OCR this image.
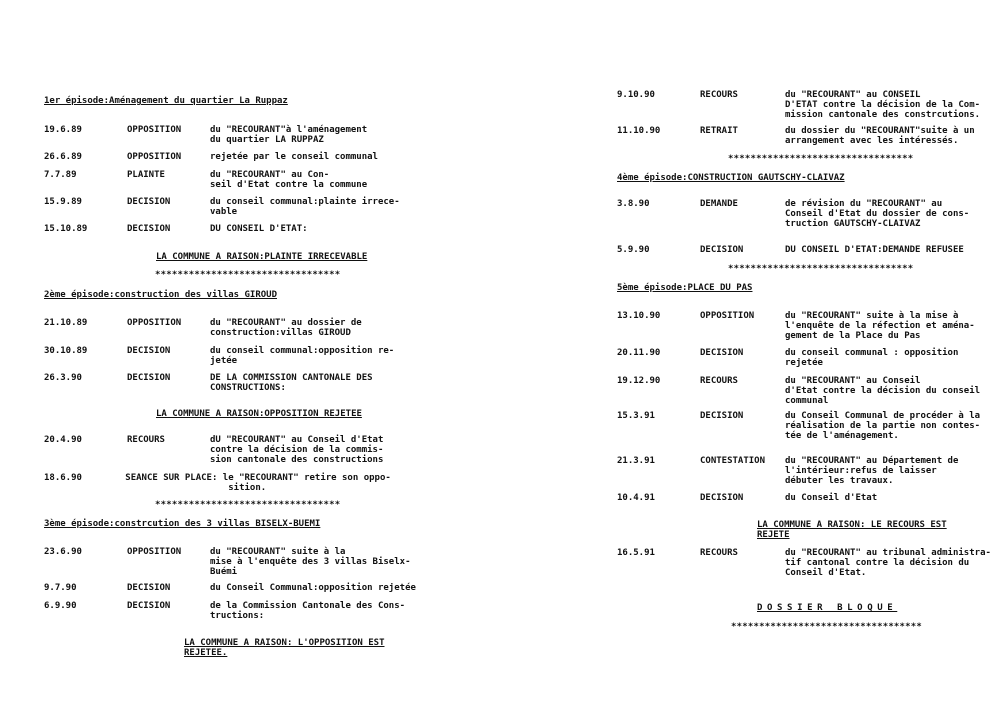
1er épisode:Aménagement du quartier La Ruppaz
19.6.89	OPPOSITION	du "RECOURANT"à l'aménagement
du quartier LA RUPPAZ
26.6.89	OPPOSITION	rejetée par le conseil communal
7.7.89	PLAINTE	du "RECOURANT" au Con-
seil d'Etat contre la commune
15.9.89	DECISION	du conseil communal:plainte irrece-
vable
15.10.89	DECISION	DU CONSEIL D'ETAT:
LA COMMUNE A RAISON:PLAINTE IRRECEVABLE
*********************************
2ème épisode:construction des villas GIROUD
21.10.89	OPPOSITION	du "RECOURANT" au dossier de
construction:villas GIROUD
30.10.89	DECISION	du conseil communal:opposition re-
jetée
26.3.90	DECISION	DE LA COMMISSION CANTONALE DES
CONSTRUCTIONS:
LA COMMUNE A RAISON:OPPOSITION REJETEE
20.4.90	RECOURS	dU "RECOURANT" au Conseil d'Etat
contre la décision de la commis-
sion cantonale des constructions
18.6.90        SEANCE SUR PLACE: le "RECOURANT" retire son oppo-
sition.
*********************************
3ème épisode:constrcution des 3 villas BISELX-BUEMI
23.6.90	OPPOSITION	du "RECOURANT" suite à la
mise à l'enquête des 3 villas Biselx-
Buémi
9.7.90	DECISION	du Conseil Communal:opposition rejetée
6.9.90	DECISION	de la Commission Cantonale des Cons-
tructions:
LA COMMUNE A RAISON: L'OPPOSITION EST
REJETEE.
9.10.90	RECOURS	du "RECOURANT" au CONSEIL
D'ETAT contre la décision de la Com-
mission cantonale des constrcutions.
11.10.90	RETRAIT	du dossier du "RECOURANT"suite à un
arrangement avec les intéressés.
*********************************
4ème épisode:CONSTRUCTION GAUTSCHY-CLAIVAZ
3.8.90	DEMANDE	de révision du "RECOURANT" au
Conseil d'Etat du dossier de cons-
truction GAUTSCHY-CLAIVAZ
5.9.90	DECISION	DU CONSEIL D'ETAT:DEMANDE REFUSEE
*********************************
5ème épisode:PLACE DU PAS
13.10.90	OPPOSITION	du "RECOURANT" suite à la mise à
l'enquête de la réfection et aména-
gement de la Place du Pas
20.11.90	DECISION	du conseil communal : opposition
rejetée
19.12.90	RECOURS	du "RECOURANT" au Conseil
d'Etat contre la décision du conseil
communal
15.3.91	DECISION	du Conseil Communal de procéder à la
réalisation de la partie non contes-
tée de l'aménagement.
21.3.91	CONTESTATION du "RECOURANT" au Département de
l'intérieur:refus de laisser
débuter les travaux.
10.4.91	DECISION	du Conseil d'Etat
LA COMMUNE A RAISON: LE RECOURS EST
REJETE
16.5.91	RECOURS	du "RECOURANT" au tribunal administra-
tif cantonal contre la décision du
Conseil d'Etat.
DOSSIER BLOQUE
**********************************
